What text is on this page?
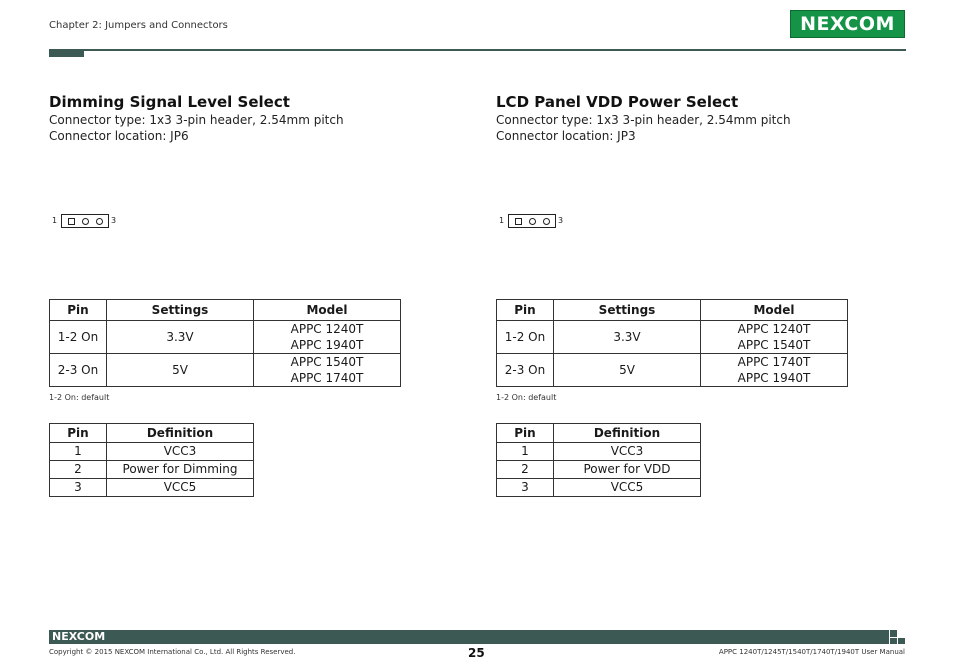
Chapter 2: Jumpers and Connectors	NEXCOM
Dimming Signal Level Select

Connector type: 1x3 3-pin header, 2.54mm pitch

Connector location: JP6

1	3
Pin	Settings	Model
1-2 On	3.3V	APPC 1240T
APPC 1940T

2-3 On	5V	APPC 1540T
APPC 1740T
1-2 On: default
Pin	Definition
1	VCC3
2	Power for Dimming
3	VCC5
LCD Panel VDD Power Select

Connector type: 1x3 3-pin header, 2.54mm pitch

Connector location: JP3

1	3
Pin	Settings	Model
1-2 On	3.3V	APPC 1240T
APPC 1540T

2-3 On	5V	APPC 1740T
APPC 1940T
1-2 On: default
Pin	Definition
1	VCC3
2	Power for VDD
3	VCC5
NEXCOM
Copyright © 2015 NEXCOM International Co., Ltd. All Rights Reserved.	25	APPC 1240T/1245T/1540T/1740T/1940T User Manual
